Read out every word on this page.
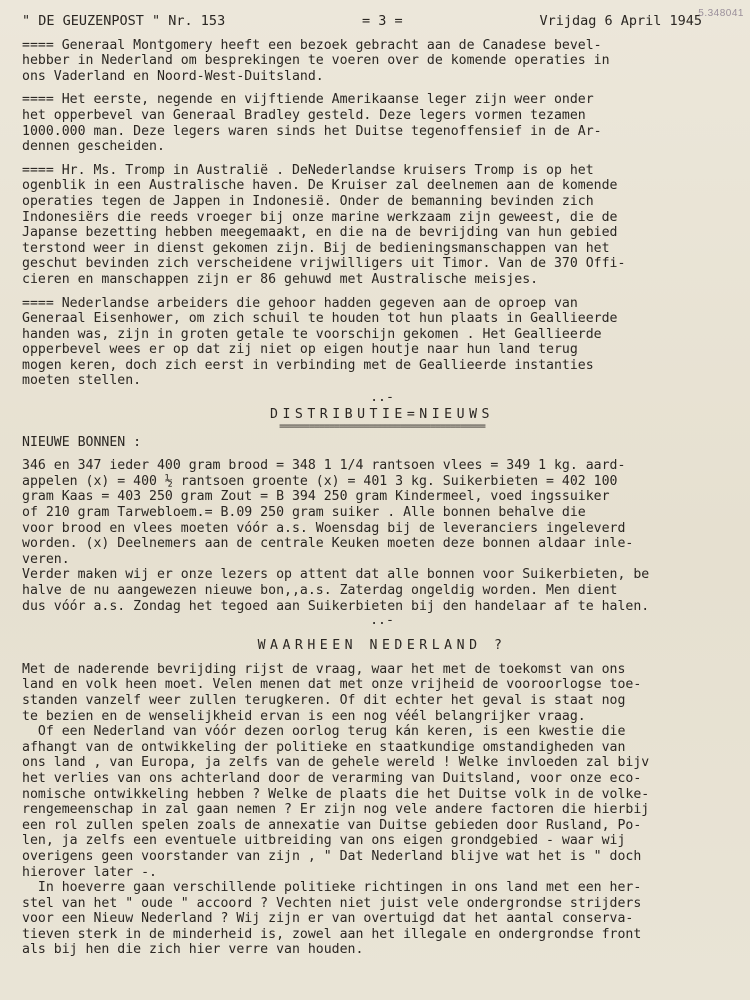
5.348041
" DE GEUZENPOST " Nr. 153	= 3 =	Vrijdag 6 April 1945

==== Generaal Montgomery heeft een bezoek gebracht aan de Canadese bevel-

hebber in Nederland om besprekingen te voeren over de komende operaties in

ons Vaderland en Noord-West-Duitsland.

==== Het eerste, negende en vijftiende Amerikaanse leger zijn weer onder

het opperbevel van Generaal Bradley gesteld. Deze legers vormen tezamen

1000.000 man. Deze legers waren sinds het Duitse tegenoffensief in de Ar-

dennen gescheiden.

==== Hr. Ms. Tromp in Australië . DeNederlandse kruisers Tromp is op het

ogenblik in een Australische haven. De Kruiser zal deelnemen aan de komende

operaties tegen de Jappen in Indonesië. Onder de bemanning bevinden zich

Indonesiërs die reeds vroeger bij onze marine werkzaam zijn geweest, die de

Japanse bezetting hebben meegemaakt, en die na de bevrijding van hun gebied

terstond weer in dienst gekomen zijn. Bij de bedieningsmanschappen van het

geschut bevinden zich verscheidene vrijwilligers uit Timor. Van de 370 Offi-

cieren en manschappen zijn er 86 gehuwd met Australische meisjes.

==== Nederlandse arbeiders die gehoor hadden gegeven aan de oproep van

Generaal Eisenhower, om zich schuil te houden tot hun plaats in Geallieerde

handen was, zijn in groten getale te voorschijn gekomen . Het Geallieerde

opperbevel wees er op dat zij niet op eigen houtje naar hun land terug

mogen keren, doch zich eerst in verbinding met de Geallieerde instanties

moeten stellen.

..-

DISTRIBUTIE=NIEUWS

=========================================

NIEUWE BONNEN :

346 en 347 ieder 400 gram brood = 348 1 1/4 rantsoen vlees = 349 1 kg. aard-

appelen (x) = 400 ½ rantsoen groente (x) = 401 3 kg. Suikerbieten = 402 100

gram Kaas = 403 250 gram Zout = B 394 250 gram Kindermeel, voed ingssuiker

of 210 gram Tarwebloem.= B.09 250 gram suiker . Alle bonnen behalve die

voor brood en vlees moeten vóór a.s. Woensdag bij de leveranciers ingeleverd

worden. (x) Deelnemers aan de centrale Keuken moeten deze bonnen aldaar inle-

veren.

Verder maken wij er onze lezers op attent dat alle bonnen voor Suikerbieten, be

halve de nu aangewezen nieuwe bon,,a.s. Zaterdag ongeldig worden. Men dient

dus vóór a.s. Zondag het tegoed aan Suikerbieten bij den handelaar af te halen.

..-

WAARHEEN NEDERLAND ?

Met de naderende bevrijding rijst de vraag, waar het met de toekomst van ons

land en volk heen moet. Velen menen dat met onze vrijheid de vooroorlogse toe-

standen vanzelf weer zullen terugkeren. Of dit echter het geval is staat nog

te bezien en de wenselijkheid ervan is een nog véél belangrijker vraag.

Of een Nederland van vóór dezen oorlog terug kán keren, is een kwestie die

afhangt van de ontwikkeling der politieke en staatkundige omstandigheden van

ons land , van Europa, ja zelfs van de gehele wereld ! Welke invloeden zal bijv

het verlies van ons achterland door de verarming van Duitsland, voor onze eco-

nomische ontwikkeling hebben ? Welke de plaats die het Duitse volk in de volke-

rengemeenschap in zal gaan nemen ? Er zijn nog vele andere factoren die hierbij

een rol zullen spelen zoals de annexatie van Duitse gebieden door Rusland, Po-

len, ja zelfs een eventuele uitbreiding van ons eigen grondgebied - waar wij

overigens geen voorstander van zijn , " Dat Nederland blijve wat het is " doch

hierover later -.

In hoeverre gaan verschillende politieke richtingen in ons land met een her-

stel van het " oude " accoord ? Vechten niet juist vele ondergrondse strijders

voor een Nieuw Nederland ? Wij zijn er van overtuigd dat het aantal conserva-

tieven sterk in de minderheid is, zowel aan het illegale en ondergrondse front

als bij hen die zich hier verre van houden.
